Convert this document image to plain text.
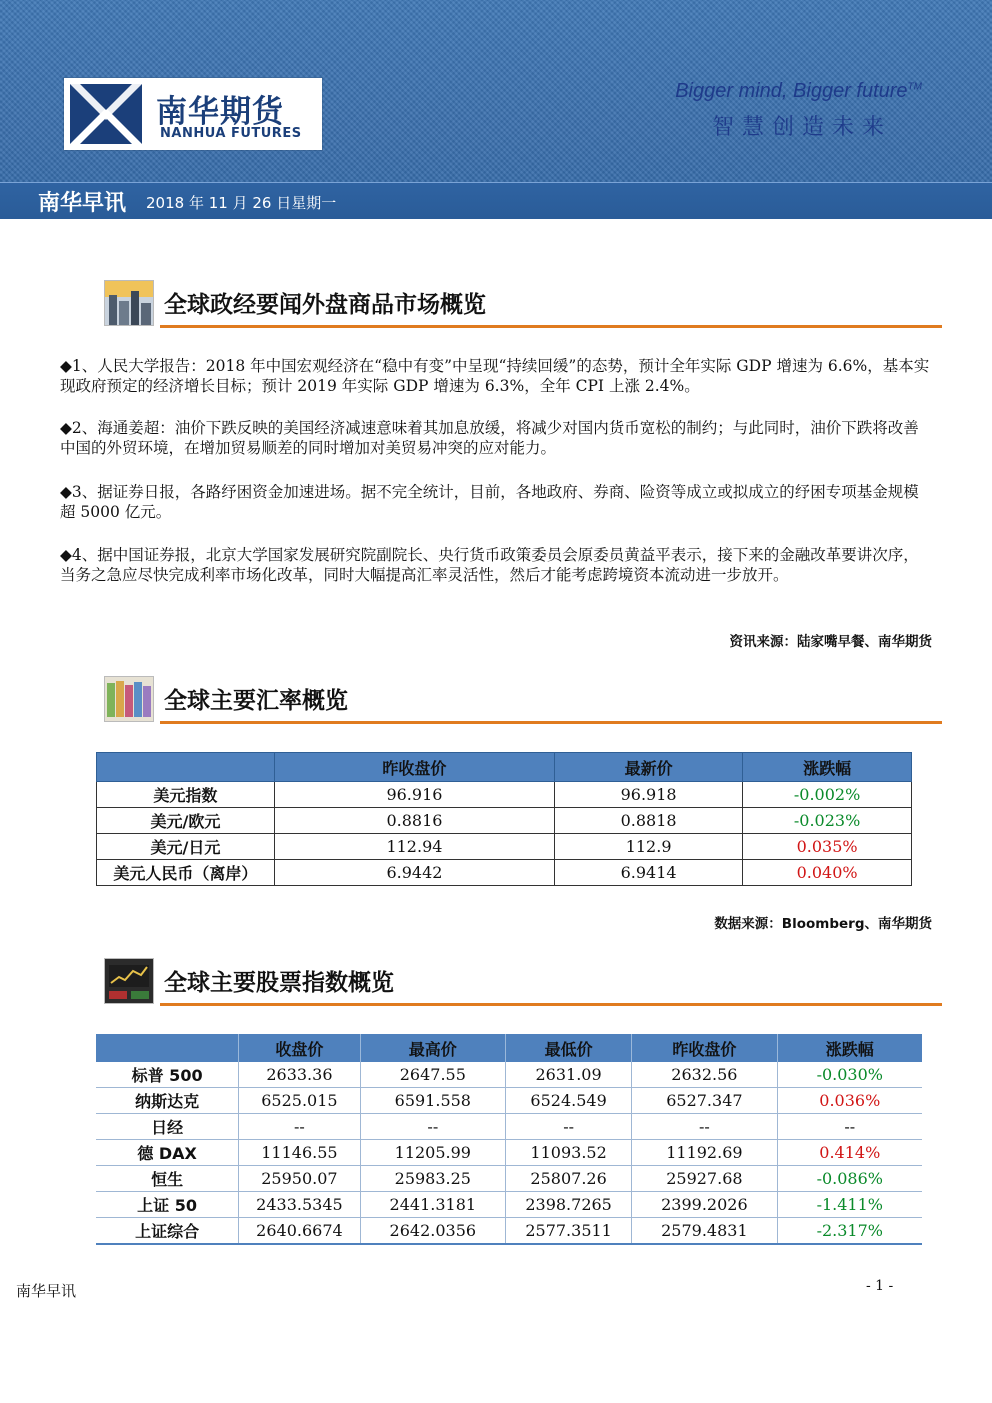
南华期货
NANHUA FUTURES
Bigger mind, Bigger future™
智慧创造未来
南华早讯 2018 年 11 月 26 日星期一
全球政经要闻外盘商品市场概览
◆1、人民大学报告：2018 年中国宏观经济在“稳中有变”中呈现“持续回缓”的态势，预计全年实际 GDP 增速为 6.6%，基本实现政府预定的经济增长目标；预计 2019 年实际 GDP 增速为 6.3%，全年 CPI 上涨 2.4%。
◆2、海通姜超：油价下跌反映的美国经济减速意味着其加息放缓，将减少对国内货币宽松的制约；与此同时，油价下跌将改善中国的外贸环境，在增加贸易顺差的同时增加对美贸易冲突的应对能力。
◆3、据证券日报，各路纾困资金加速进场。据不完全统计，目前，各地政府、券商、险资等成立或拟成立的纾困专项基金规模超 5000 亿元。
◆4、据中国证券报，北京大学国家发展研究院副院长、央行货币政策委员会原委员黄益平表示，接下来的金融改革要讲次序，当务之急应尽快完成利率市场化改革，同时大幅提高汇率灵活性，然后才能考虑跨境资本流动进一步放开。
资讯来源：陆家嘴早餐、南华期货
全球主要汇率概览
	昨收盘价	最新价	涨跌幅
美元指数	96.916	96.918	-0.002%
美元/欧元	0.8816	0.8818	-0.023%
美元/日元	112.94	112.9	0.035%
美元人民币（离岸）	6.9442	6.9414	0.040%
数据来源：Bloomberg、南华期货
全球主要股票指数概览
	收盘价	最高价	最低价	昨收盘价	涨跌幅
标普 500	2633.36	2647.55	2631.09	2632.56	-0.030%
纳斯达克	6525.015	6591.558	6524.549	6527.347	0.036%
日经	--	--	--	--	--
德 DAX	11146.55	11205.99	11093.52	11192.69	0.414%
恒生	25950.07	25983.25	25807.26	25927.68	-0.086%
上证 50	2433.5345	2441.3181	2398.7265	2399.2026	-1.411%
上证综合	2640.6674	2642.0356	2577.3511	2579.4831	-2.317%
南华早讯	- 1 -
